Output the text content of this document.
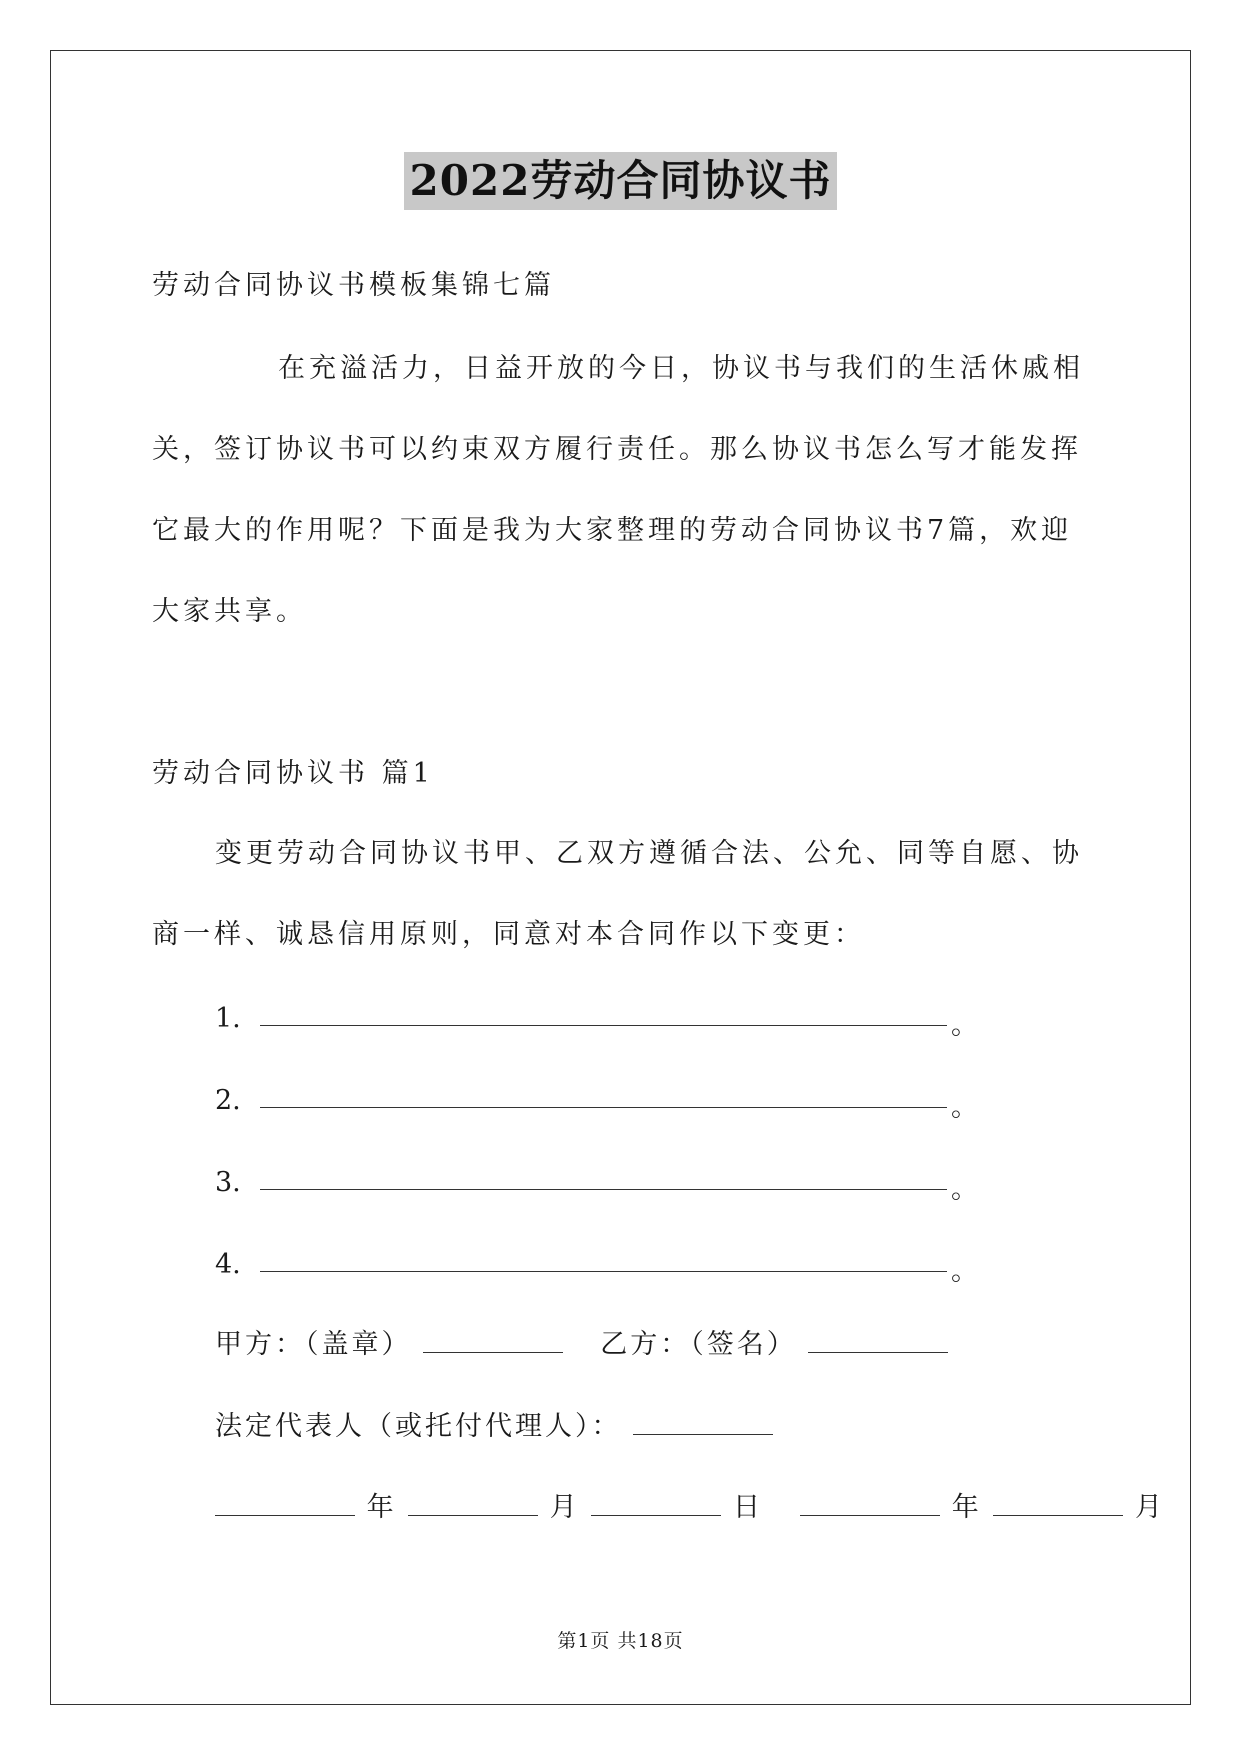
2022劳动合同协议书
劳动合同协议书模板集锦七篇
在充溢活力，日益开放的今日，协议书与我们的生活休戚相
关，签订协议书可以约束双方履行责任。那么协议书怎么写才能发挥
它最大的作用呢？下面是我为大家整理的劳动合同协议书7篇，欢迎
大家共享。
劳动合同协议书 篇1
变更劳动合同协议书甲、乙双方遵循合法、公允、同等自愿、协
商一样、诚恳信用原则，同意对本合同作以下变更：
1.	。
2.	。
3.	。
4.	。
甲方：（盖章）	乙方：（签名）
法定代表人（或托付代理人）：
年	月	日	年	月
第1页 共18页
